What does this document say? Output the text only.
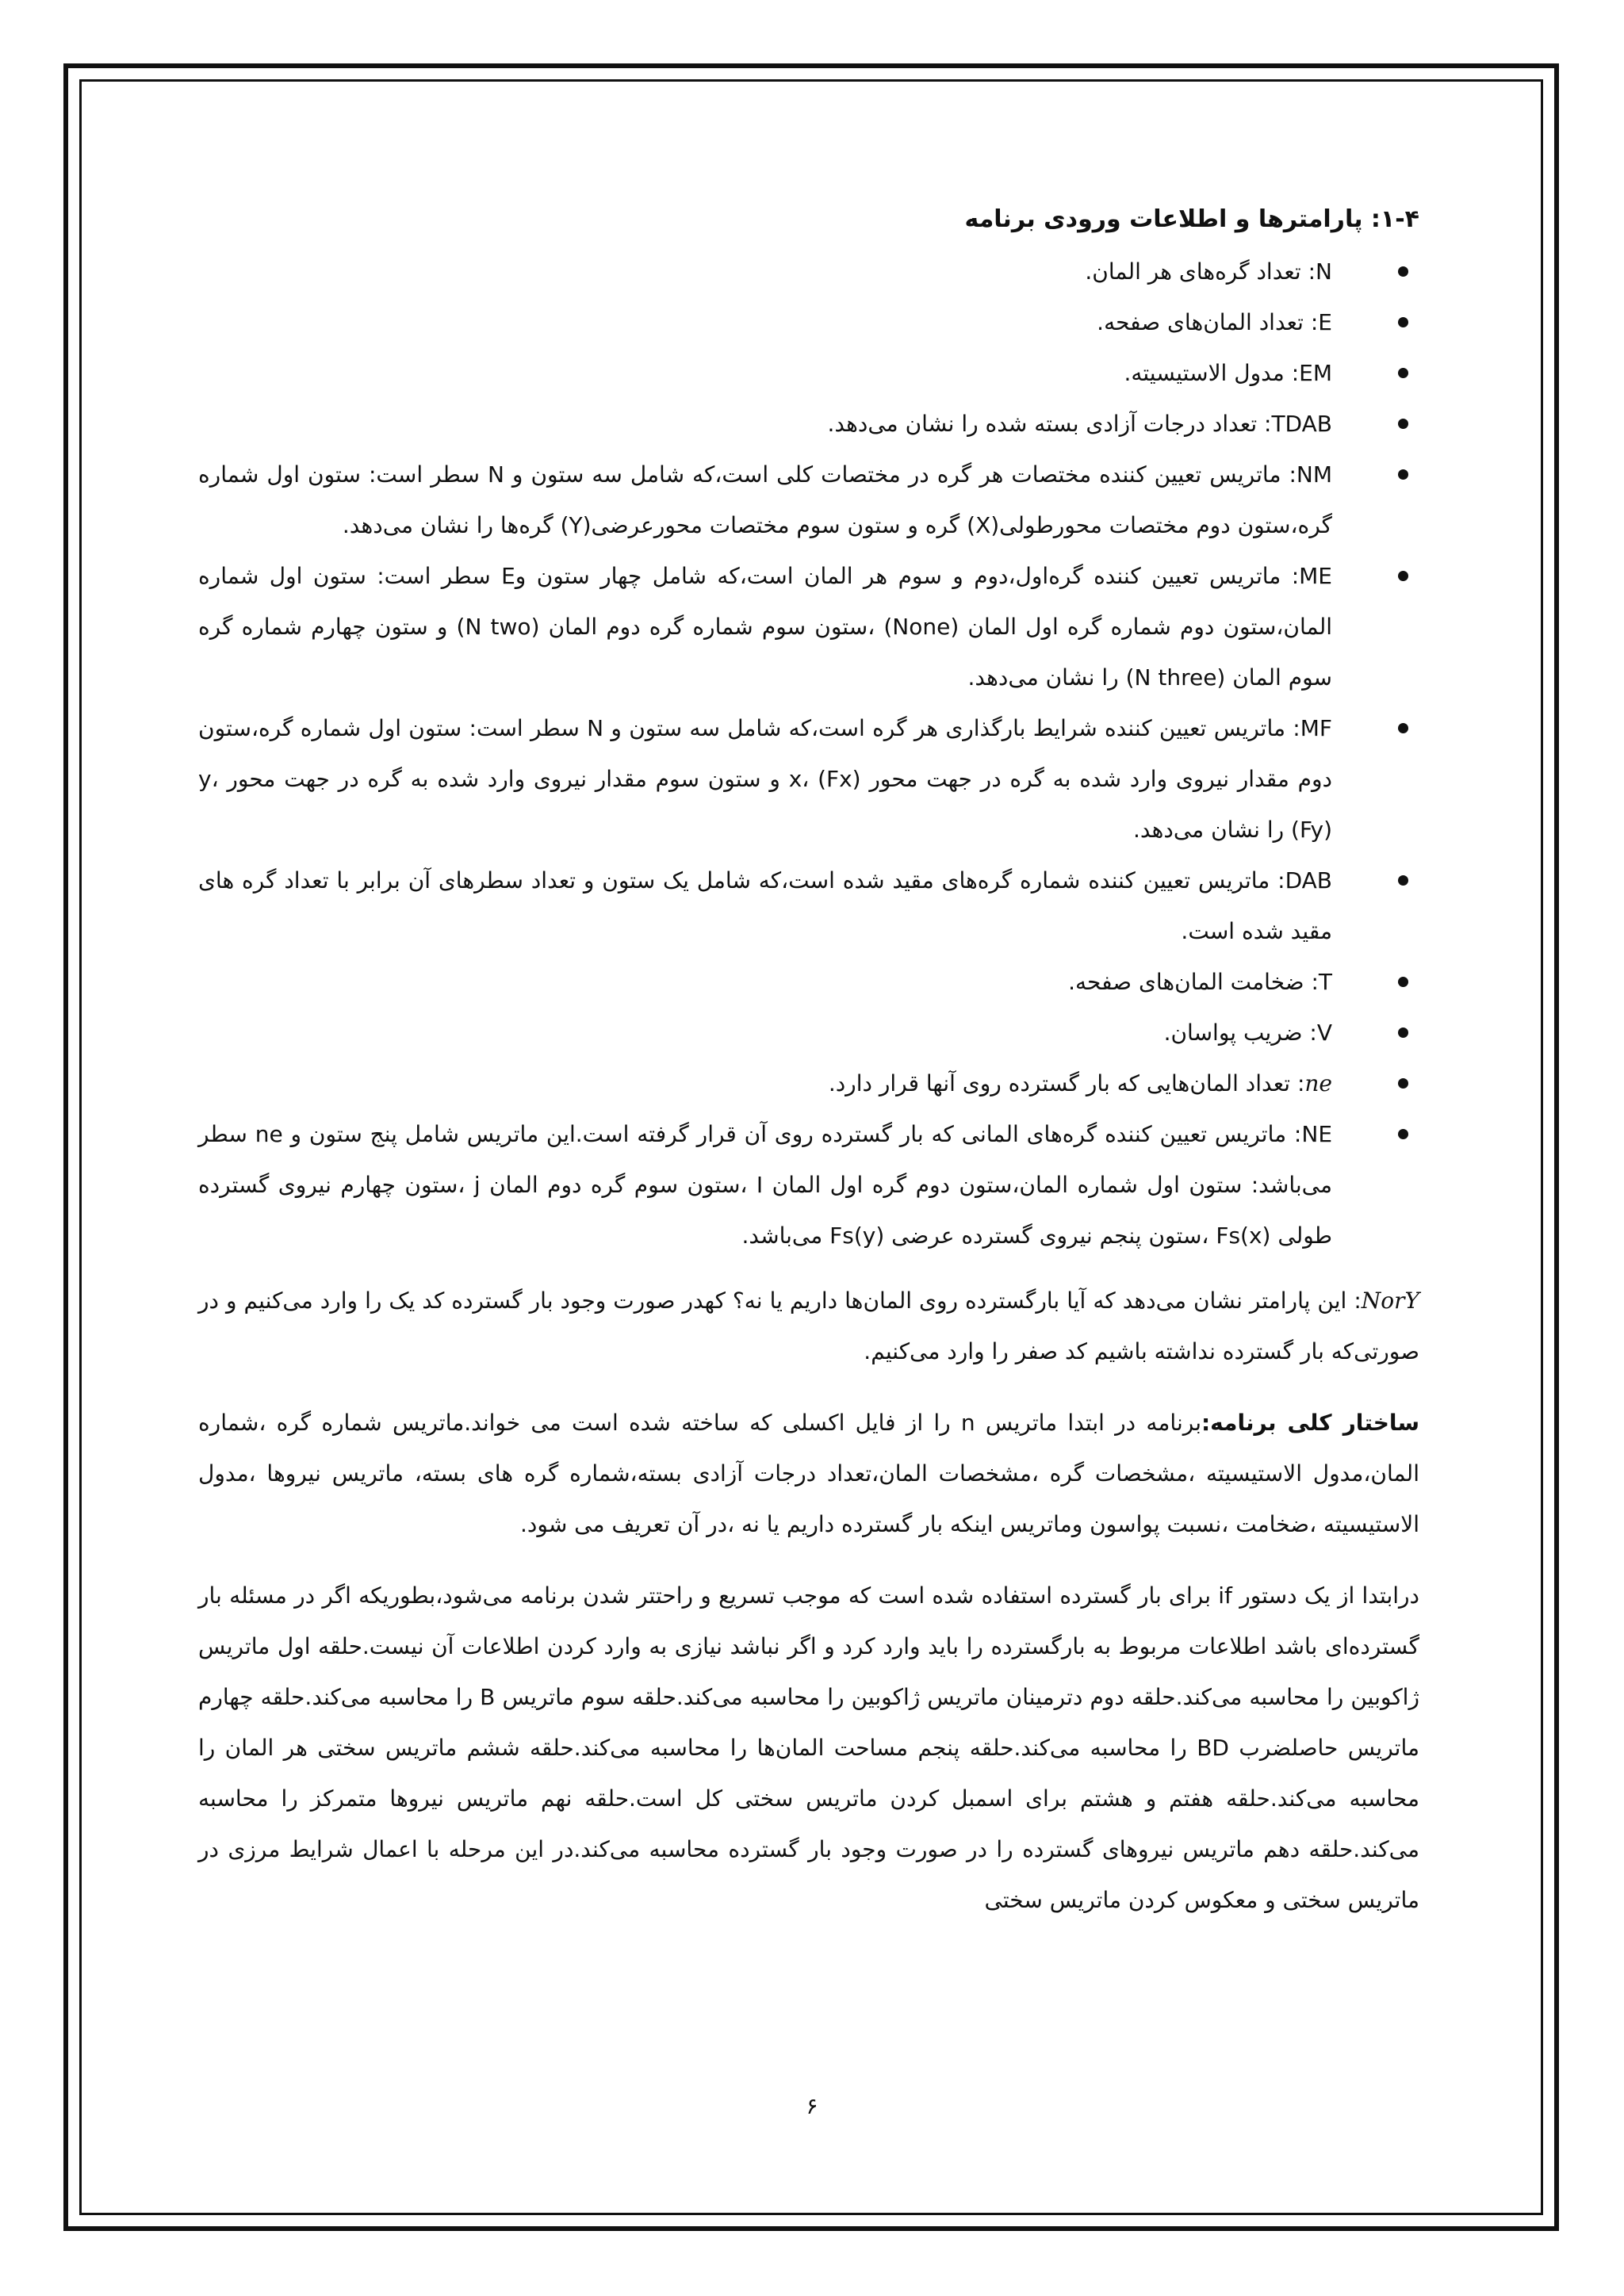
۱-۴: پارامترها و اطلاعات ورودی برنامه
N: تعداد گره‌های هر المان.
E: تعداد المان‌های صفحه.
EM: مدول الاستیسیته.
TDAB: تعداد درجات آزادی بسته شده را نشان می‌دهد.
NM: ماتریس تعیین کننده مختصات هر گره در مختصات کلی است،که شامل سه ستون و N سطر است: ستون اول شماره گره،ستون دوم مختصات محورطولی(X) گره و ستون سوم مختصات محورعرضی(Y) گره‌ها را نشان می‌دهد.
ME: ماتریس تعیین کننده گره‌اول،دوم و سوم هر المان است،که شامل چهار ستون وE سطر است: ستون اول شماره المان،ستون دوم شماره گره اول المان (None) ،ستون سوم شماره گره دوم المان (N two) و ستون چهارم شماره گره سوم المان (N three) را نشان می‌دهد.
MF: ماتریس تعیین کننده شرایط بارگذاری هر گره است،که شامل سه ستون و N سطر است: ستون اول شماره گره،ستون دوم مقدار نیروی وارد شده به گره در جهت محور x، (Fx) و ستون سوم مقدار نیروی وارد شده به گره در جهت محور y، (Fy) را نشان می‌دهد.
DAB: ماتریس تعیین کننده شماره گره‌های مقید شده است،که شامل یک ستون و تعداد سطرهای آن برابر با تعداد گره های مقید شده است.
T: ضخامت المان‌های صفحه.
V: ضریب پواسان.
ne: تعداد المان‌هایی که بار گسترده روی آنها قرار دارد.
NE: ماتریس تعیین کننده گره‌های المانی که بار گسترده روی آن قرار گرفته است.این ماتریس شامل پنج ستون و ne سطر می‌باشد: ستون اول شماره المان،ستون دوم گره اول المان I ،ستون سوم گره دوم المان j ،ستون چهارم نیروی گسترده طولی Fs(x) ،ستون پنجم نیروی گسترده عرضی Fs(y) می‌باشد.

NorY: این پارامتر نشان می‌دهد که آیا بارگسترده روی المان‌ها داریم یا نه؟ کهدر صورت وجود بار گسترده کد یک را وارد می‌کنیم و در صورتی‌که بار گسترده نداشته باشیم کد صفر را وارد می‌کنیم.

ساختار کلی برنامه:برنامه در ابتدا ماتریس n را از فایل اکسلی که ساخته شده است می خواند.ماتریس شماره گره ،شماره المان،مدول الاستیسیته ،مشخصات گره ،مشخصات المان،تعداد درجات آزادی بسته،شماره گره های بسته، ماتریس نیروها ،مدول الاستیسیته ،ضخامت ،نسبت پواسون وماتریس اینکه بار گسترده داریم یا نه ،در آن تعریف می شود.

درابتدا از یک دستور if برای بار گسترده استفاده شده است که موجب تسریع و راحتتر شدن برنامه می‌شود،بطوریکه اگر در مسئله بار گسترده‌ای باشد اطلاعات مربوط به بارگسترده را باید وارد کرد و اگر نباشد نیازی به وارد کردن اطلاعات آن نیست.حلقه اول ماتریس ژاکوبین را محاسبه می‌کند.حلقه دوم دترمینان ماتریس ژاکوبین را محاسبه می‌کند.حلقه سوم ماتریس B را محاسبه می‌کند.حلقه چهارم ماتریس حاصلضرب BD را محاسبه می‌کند.حلقه پنجم مساحت المان‌ها را محاسبه می‌کند.حلقه ششم ماتریس سختی هر المان را محاسبه می‌کند.حلقه هفتم و هشتم برای اسمبل کردن ماتریس سختی کل است.حلقه نهم ماتریس نیروها متمرکز را محاسبه می‌کند.حلقه دهم ماتریس نیروهای گسترده را در صورت وجود بار گسترده محاسبه می‌کند.در این مرحله با اعمال شرایط مرزی در ماتریس سختی و معکوس کردن ماتریس سختی

۶
